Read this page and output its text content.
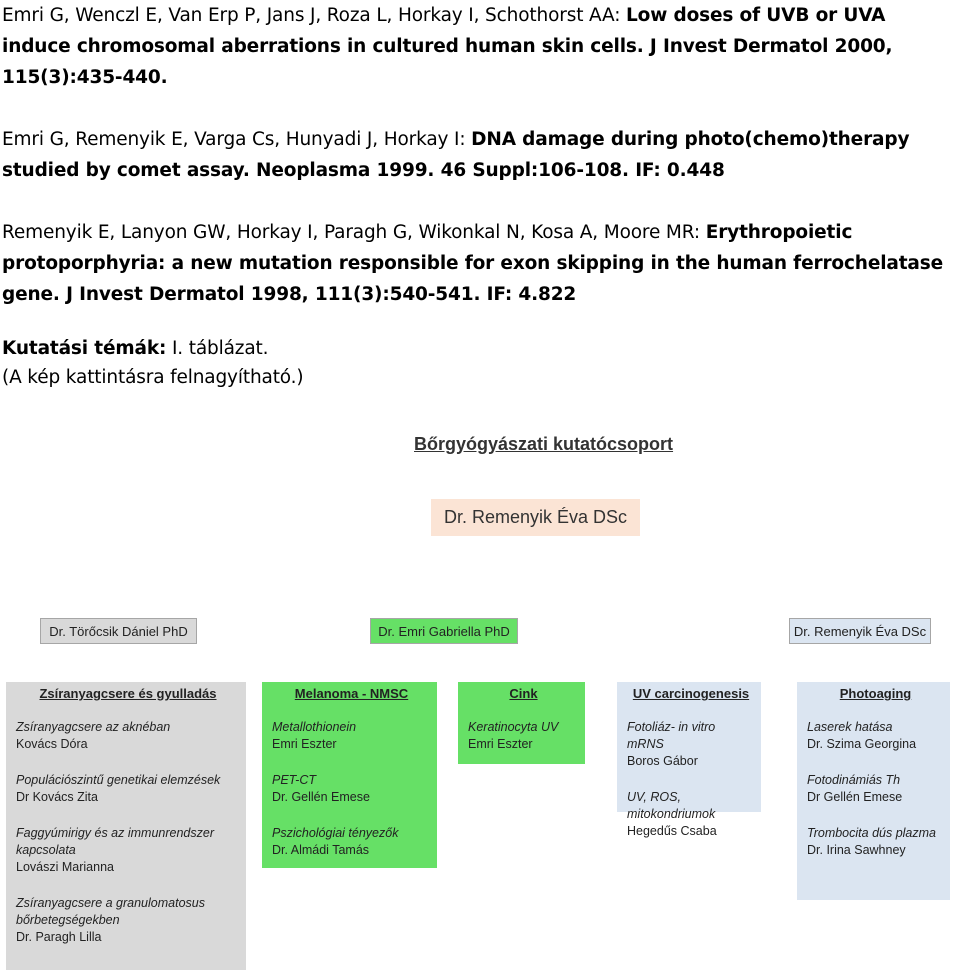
Emri G, Wenczl E, Van Erp P, Jans J, Roza L, Horkay I, Schothorst AA: Low doses of UVB or UVA induce chromosomal aberrations in cultured human skin cells. J Invest Dermatol 2000, 115(3):435-440.

Emri G, Remenyik E, Varga Cs, Hunyadi J, Horkay I: DNA damage during photo(chemo)therapy studied by comet assay. Neoplasma 1999. 46 Suppl:106-108. IF: 0.448

Remenyik E, Lanyon GW, Horkay I, Paragh G, Wikonkal N, Kosa A, Moore MR: Erythropoietic protoporphyria: a new mutation responsible for exon skipping in the human ferrochelatase gene. J Invest Dermatol 1998, 111(3):540-541. IF: 4.822

Kutatási témák: I. táblázat.
(A kép kattintásra felnagyítható.)
Bőrgyógyászati kutatócsoport
Dr. Remenyik Éva DSc
Dr. Törőcsik Dániel PhD	Dr. Emri Gabriella PhD	Dr. Remenyik Éva DSc
Zsíranyagcsere és gyulladás
Zsíranyagcsere az aknéban
Kovács Dóra
Populációszintű genetikai elemzések
Dr Kovács Zita
Faggyúmirigy és az immunrendszer kapcsolata
Lovászi Marianna
Zsíranyagcsere a granulomatosus bőrbetegségekben
Dr. Paragh Lilla
Melanoma - NMSC
Metallothionein
Emri Eszter
PET-CT
Dr. Gellén Emese
Pszichológiai tényezők
Dr. Almádi Tamás
Cink
Keratinocyta UV
Emri Eszter
UV carcinogenesis
Fotoliáz- in vitro mRNS
Boros Gábor
UV, ROS, mitokondriumok
Hegedűs Csaba
Photoaging
Laserek hatása
Dr. Szima Georgina
Fotodinámiás Th
Dr Gellén Emese
Trombocita dús plazma
Dr. Irina Sawhney
